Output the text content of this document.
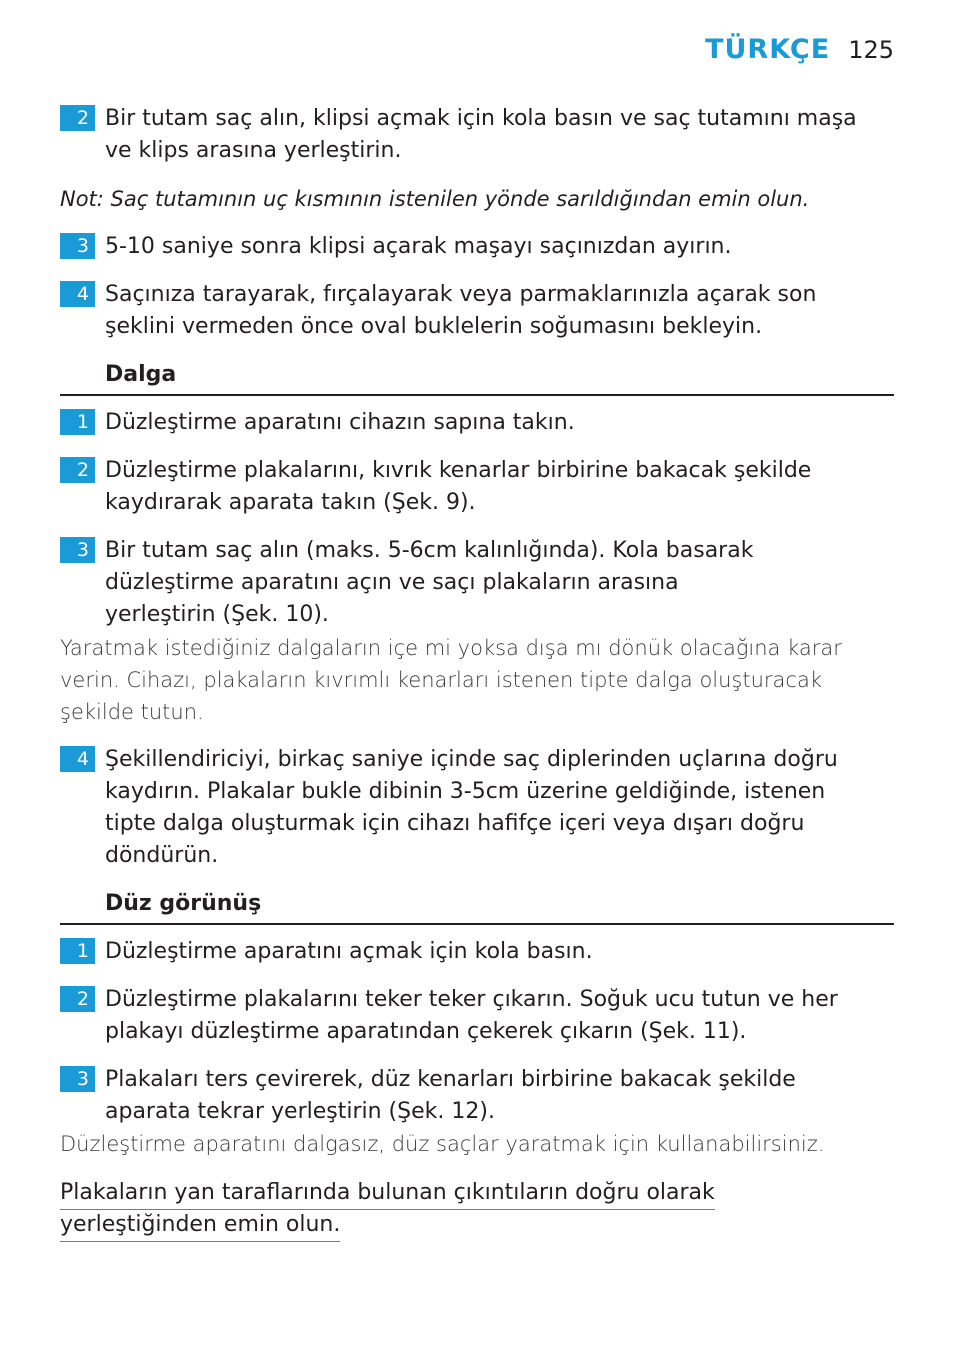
TÜRKÇE 125
2 Bir tutam saç alın, klipsi açmak için kola basın ve saç tutamını maşa
ve klips arasına yerleştirin.
Not: Saç tutamının uç kısmının istenilen yönde sarıldığından emin olun.
3 5-10 saniye sonra klipsi açarak maşayı saçınızdan ayırın.
4 Saçınıza tarayarak, fırçalayarak veya parmaklarınızla açarak son
şeklini vermeden önce oval buklelerin soğumasını bekleyin.
Dalga
1 Düzleştirme aparatını cihazın sapına takın.
2 Düzleştirme plakalarını, kıvrık kenarlar birbirine bakacak şekilde
kaydırarak aparata takın (Şek. 9).
3 Bir tutam saç alın (maks. 5-6cm kalınlığında). Kola basarak
düzleştirme aparatını açın ve saçı plakaların arasına
yerleştirin (Şek. 10).
Yaratmak istediğiniz dalgaların içe mi yoksa dışa mı dönük olacağına karar
verin. Cihazı, plakaların kıvrımlı kenarları istenen tipte dalga oluşturacak
şekilde tutun.
4 Şekillendiriciyi, birkaç saniye içinde saç diplerinden uçlarına doğru
kaydırın. Plakalar bukle dibinin 3-5cm üzerine geldiğinde, istenen
tipte dalga oluşturmak için cihazı hafifçe içeri veya dışarı doğru
döndürün.
Düz görünüş
1 Düzleştirme aparatını açmak için kola basın.
2 Düzleştirme plakalarını teker teker çıkarın. Soğuk ucu tutun ve her
plakayı düzleştirme aparatından çekerek çıkarın (Şek. 11).
3 Plakaları ters çevirerek, düz kenarları birbirine bakacak şekilde
aparata tekrar yerleştirin (Şek. 12).
Düzleştirme aparatını dalgasız, düz saçlar yaratmak için kullanabilirsiniz.
Plakaların yan taraflarında bulunan çıkıntıların doğru olarak
yerleştiğinden emin olun.
